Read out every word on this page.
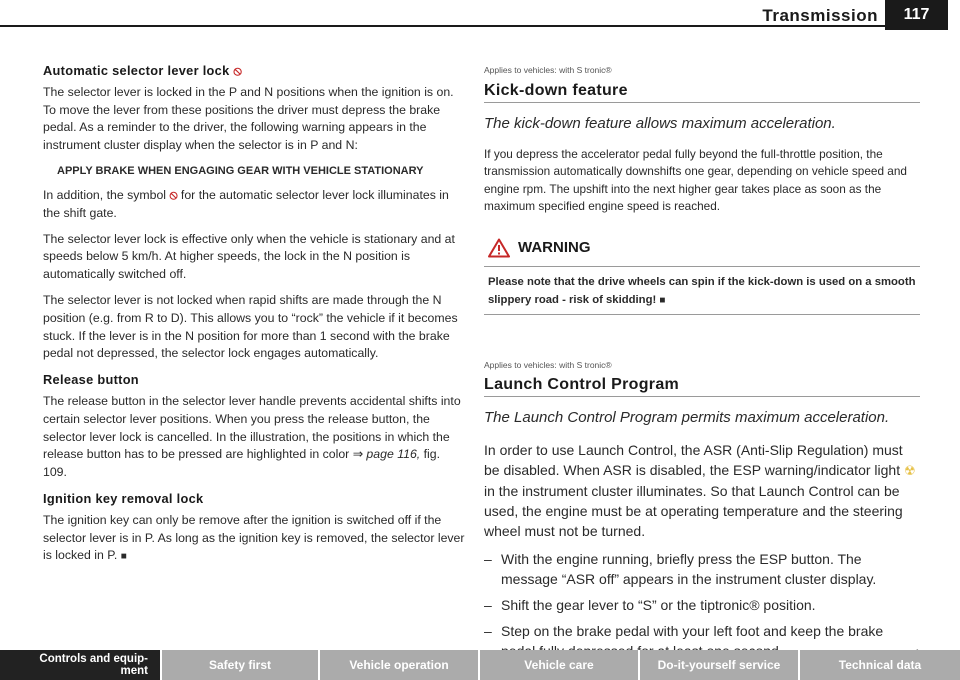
Transmission	117
Automatic selector lever lock ⦸

The selector lever is locked in the P and N positions when the ignition is on. To move the lever from these positions the driver must depress the brake pedal. As a reminder to the driver, the following warning appears in the instrument cluster display when the selector is in P and N:

APPLY BRAKE WHEN ENGAGING GEAR WITH VEHICLE STATIONARY

In addition, the symbol ⦸ for the automatic selector lever lock illuminates in the shift gate.

The selector lever lock is effective only when the vehicle is stationary and at speeds below 5 km/h. At higher speeds, the lock in the N position is automatically switched off.

The selector lever is not locked when rapid shifts are made through the N position (e.g. from R to D). This allows you to “rock” the vehicle if it becomes stuck. If the lever is in the N position for more than 1 second with the brake pedal not depressed, the selector lock engages automatically.

Release button

The release button in the selector lever handle prevents accidental shifts into certain selector lever positions. When you press the release button, the selector lever lock is cancelled. In the illustration, the positions in which the release button has to be pressed are highlighted in color ⇒ page 116, fig. 109.

Ignition key removal lock

The ignition key can only be remove after the ignition is switched off if the selector lever is in P. As long as the ignition key is removed, the selector lever is locked in P. ■

Applies to vehicles: with S tronic®
Kick-down feature

The kick-down feature allows maximum acceleration.

If you depress the accelerator pedal fully beyond the full-throttle position, the transmission automatically downshifts one gear, depending on vehicle speed and engine rpm. The upshift into the next higher gear takes place as soon as the maximum specified engine speed is reached.

WARNING

Please note that the drive wheels can spin if the kick-down is used on a smooth slippery road - risk of skidding! ■

Applies to vehicles: with S tronic®
Launch Control Program

The Launch Control Program permits maximum acceleration.

In order to use Launch Control, the ASR (Anti-Slip Regulation) must be disabled. When ASR is disabled, the ESP warning/indicator light ☢ in the instrument cluster illuminates. So that Launch Control can be used, the engine must be at operating temperature and the steering wheel must not be turned.

– With the engine running, briefly press the ESP button. The message “ASR off” appears in the instrument cluster display.
– Shift the gear lever to “S” or the tiptronic® position.
– Step on the brake pedal with your left foot and keep the brake
Controls and equip-
ment	Safety first	Vehicle operation	Vehicle care	Do-it-yourself service	Technical data
